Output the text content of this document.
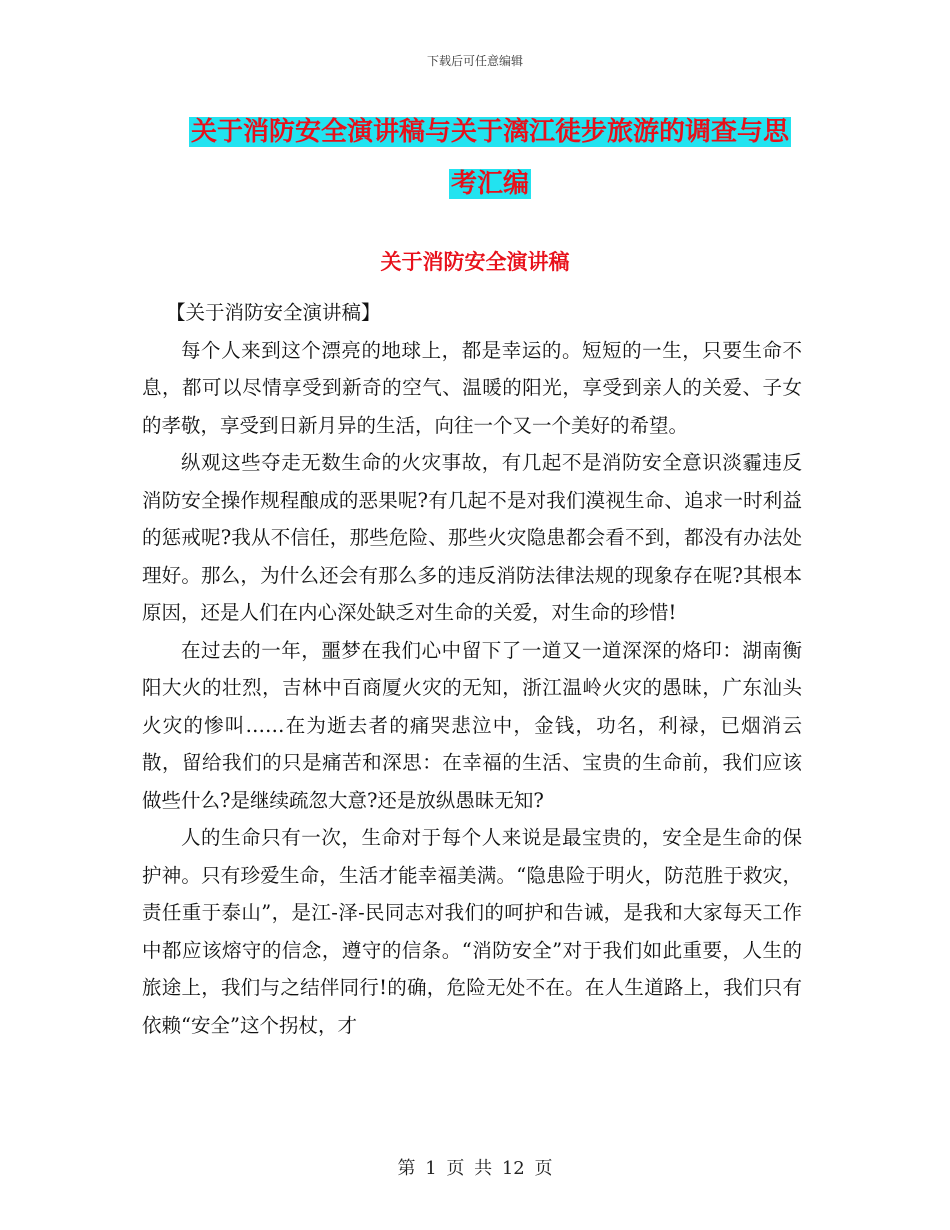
下载后可任意编辑
关于消防安全演讲稿与关于漓江徒步旅游的调查与思
考汇编
关于消防安全演讲稿

【关于消防安全演讲稿】

每个人来到这个漂亮的地球上，都是幸运的。短短的一生，只要生命不息，都可以尽情享受到新奇的空气、温暖的阳光，享受到亲人的关爱、子女的孝敬，享受到日新月异的生活，向往一个又一个美好的希望。

纵观这些夺走无数生命的火灾事故，有几起不是消防安全意识淡霾违反消防安全操作规程酿成的恶果呢?有几起不是对我们漠视生命、追求一时利益的惩戒呢?我从不信任，那些危险、那些火灾隐患都会看不到，都没有办法处理好。那么，为什么还会有那么多的违反消防法律法规的现象存在呢?其根本原因，还是人们在内心深处缺乏对生命的关爱，对生命的珍惜!

在过去的一年，噩梦在我们心中留下了一道又一道深深的烙印：湖南衡阳大火的壮烈，吉林中百商厦火灾的无知，浙江温岭火灾的愚昧，广东汕头火灾的惨叫……在为逝去者的痛哭悲泣中，金钱，功名，利禄，已烟消云散，留给我们的只是痛苦和深思：在幸福的生活、宝贵的生命前，我们应该做些什么?是继续疏忽大意?还是放纵愚昧无知?

人的生命只有一次，生命对于每个人来说是最宝贵的，安全是生命的保护神。只有珍爱生命，生活才能幸福美满。“隐患险于明火，防范胜于救灾，责任重于泰山”，是江-泽-民同志对我们的呵护和告诫，是我和大家每天工作中都应该熔守的信念，遵守的信条。“消防安全”对于我们如此重要，人生的旅途上，我们与之结伴同行!的确，危险无处不在。在人生道路上，我们只有依赖“安全”这个拐杖，才

第 1 页 共 12 页
